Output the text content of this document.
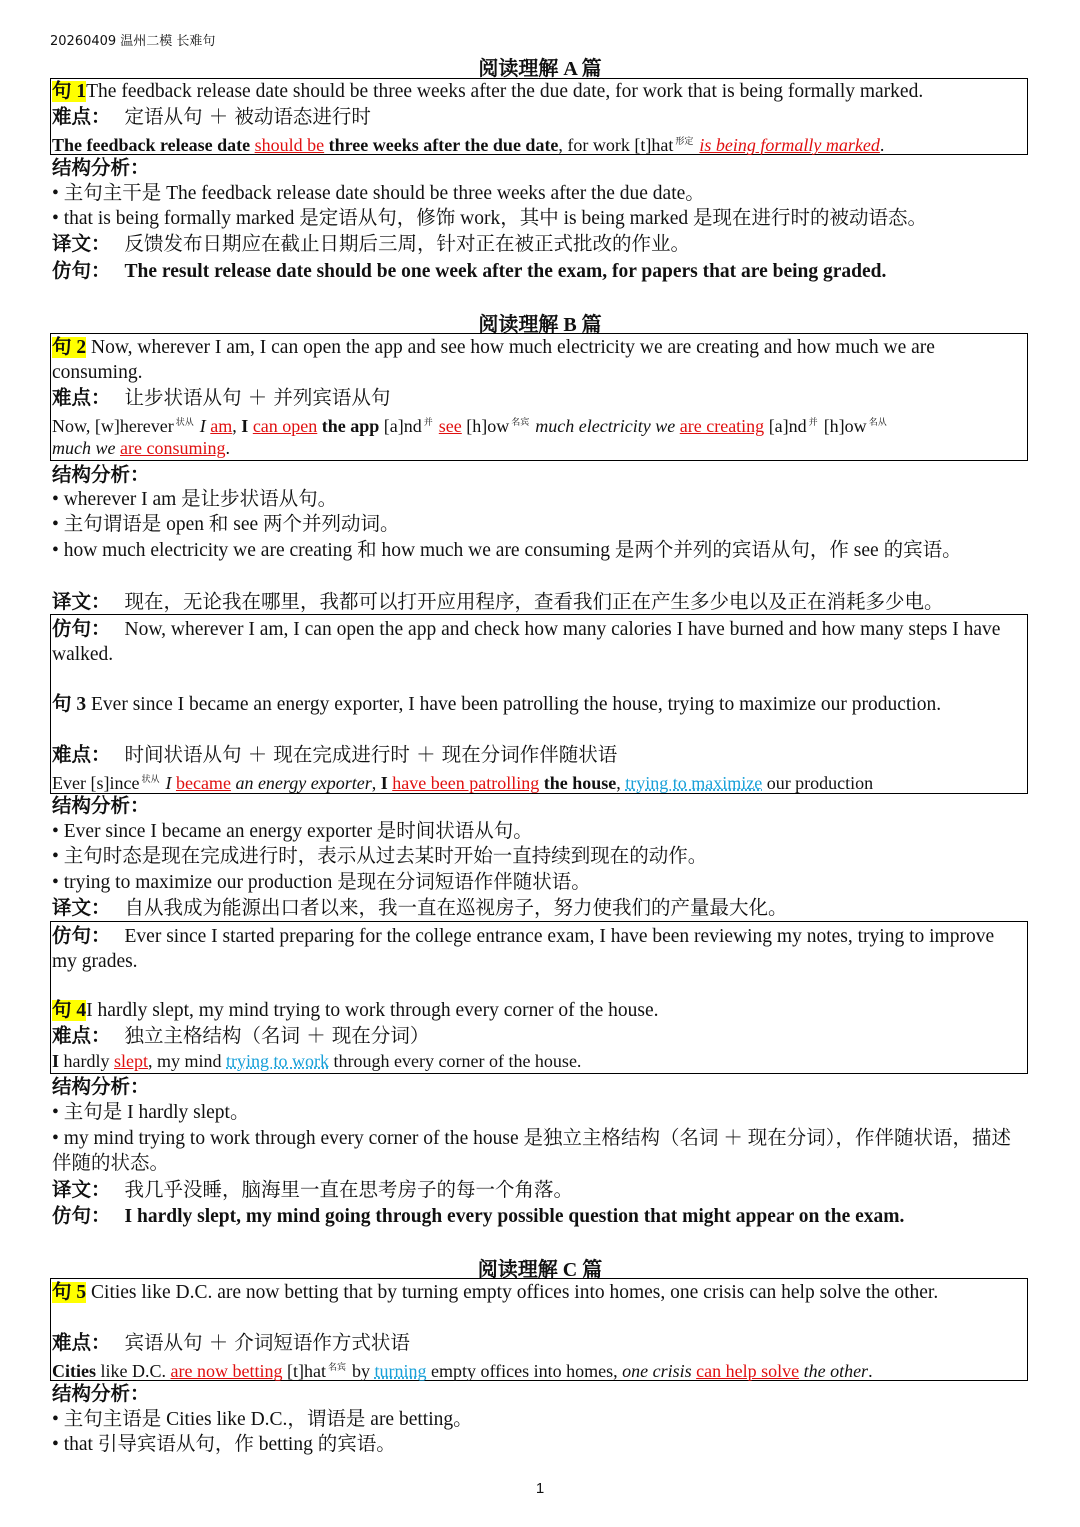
20260409 温州二模 长难句
阅读理解 A 篇
句 1The feedback release date should be three weeks after the due date, for work that is being formally marked.
难点： 定语从句 ＋ 被动语态进行时
The feedback release date should be three weeks after the due date, for work [t]hat $^{形定}$ is being formally marked.
结构分析：
• 主句主干是 The feedback release date should be three weeks after the due date。
• that is being formally marked 是定语从句，修饰 work，其中 is being marked 是现在进行时的被动语态。
译文： 反馈发布日期应在截止日期后三周，针对正在被正式批改的作业。
仿句： The result release date should be one week after the exam, for papers that are being graded.
阅读理解 B 篇
句 2 Now, wherever I am, I can open the app and see how much electricity we are creating and how much we are consuming.
难点： 让步状语从句 ＋ 并列宾语从句
Now, [w]herever $^{状从}$ I am, I can open the app [a]nd $^并$ see [h]ow $^{名宾}$ much electricity we are creating [a]nd $^并$ [h]ow $^{名从}$
much we are consuming.
结构分析：
• wherever I am 是让步状语从句。
• 主句谓语是 open 和 see 两个并列动词。
• how much electricity we are creating 和 how much we are consuming 是两个并列的宾语从句，作 see 的宾语。
译文： 现在，无论我在哪里，我都可以打开应用程序，查看我们正在产生多少电以及正在消耗多少电。
仿句： Now, wherever I am, I can open the app and check how many calories I have burned and how many steps I have walked.
句 3 Ever since I became an energy exporter, I have been patrolling the house, trying to maximize our production.
难点： 时间状语从句 ＋ 现在完成进行时 ＋ 现在分词作伴随状语
Ever [s]ince $^{状从}$ I became an energy exporter, I have been patrolling the house, trying to maximize our production
结构分析：
• Ever since I became an energy exporter 是时间状语从句。
• 主句时态是现在完成进行时，表示从过去某时开始一直持续到现在的动作。
• trying to maximize our production 是现在分词短语作伴随状语。
译文： 自从我成为能源出口者以来，我一直在巡视房子，努力使我们的产量最大化。
仿句： Ever since I started preparing for the college entrance exam, I have been reviewing my notes, trying to improve my grades.
句 4I hardly slept, my mind trying to work through every corner of the house.
难点： 独立主格结构（名词 ＋ 现在分词）
I hardly slept, my mind trying to work through every corner of the house.
结构分析：
• 主句是 I hardly slept。
• my mind trying to work through every corner of the house 是独立主格结构（名词 ＋ 现在分词），作伴随状语，描述伴随的状态。
译文： 我几乎没睡，脑海里一直在思考房子的每一个角落。
仿句： I hardly slept, my mind going through every possible question that might appear on the exam.
阅读理解 C 篇
句 5 Cities like D.C. are now betting that by turning empty offices into homes, one crisis can help solve the other.
难点： 宾语从句 ＋ 介词短语作方式状语
Cities like D.C. are now betting [t]hat $^{名宾}$ by turning empty offices into homes, one crisis can help solve the other.
结构分析：
• 主句主语是 Cities like D.C.，谓语是 are betting。
• that 引导宾语从句，作 betting 的宾语。
1
